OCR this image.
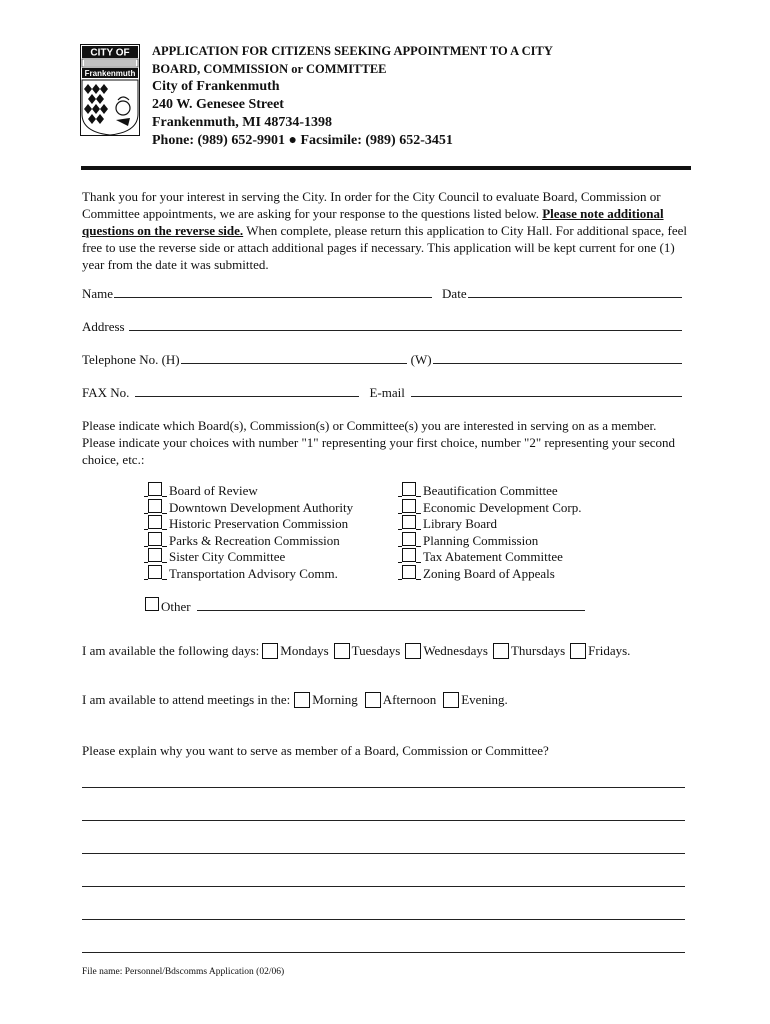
CITY OF
Frankenmuth
APPLICATION FOR CITIZENS SEEKING APPOINTMENT TO A CITY
BOARD, COMMISSION or COMMITTEE
City of Frankenmuth
240 W. Genesee Street
Frankenmuth, MI 48734-1398
Phone: (989) 652-9901 ● Facsimile: (989) 652-3451

Thank you for your interest in serving the City. In order for the City Council to evaluate Board, Commission or Committee appointments, we are asking for your response to the questions listed below. Please note additional questions on the reverse side. When complete, please return this application to City Hall. For additional space, feel free to use the reverse side or attach additional pages if necessary. This application will be kept current for one (1) year from the date it was submitted.

Name	Date
Address
Telephone No. (H)	(W)
FAX No.	E-mail
Please indicate which Board(s), Commission(s) or Committee(s) you are interested in serving on as a member. Please indicate your choices with number "1" representing your first choice, number "2" representing your second choice, etc.:
Board of Review
Downtown Development Authority
Historic Preservation Commission
Parks & Recreation Commission
Sister City Committee
Transportation Advisory Comm.
Beautification Committee
Economic Development Corp.
Library Board
Planning Commission
Tax Abatement Committee
Zoning Board of Appeals
Other
I am available the following days: Mondays Tuesdays Wednesdays Thursdays Fridays.
I am available to attend meetings in the: Morning Afternoon Evening.
Please explain why you want to serve as member of a Board, Commission or Committee?
File name: Personnel/Bdscomms Application (02/06)
